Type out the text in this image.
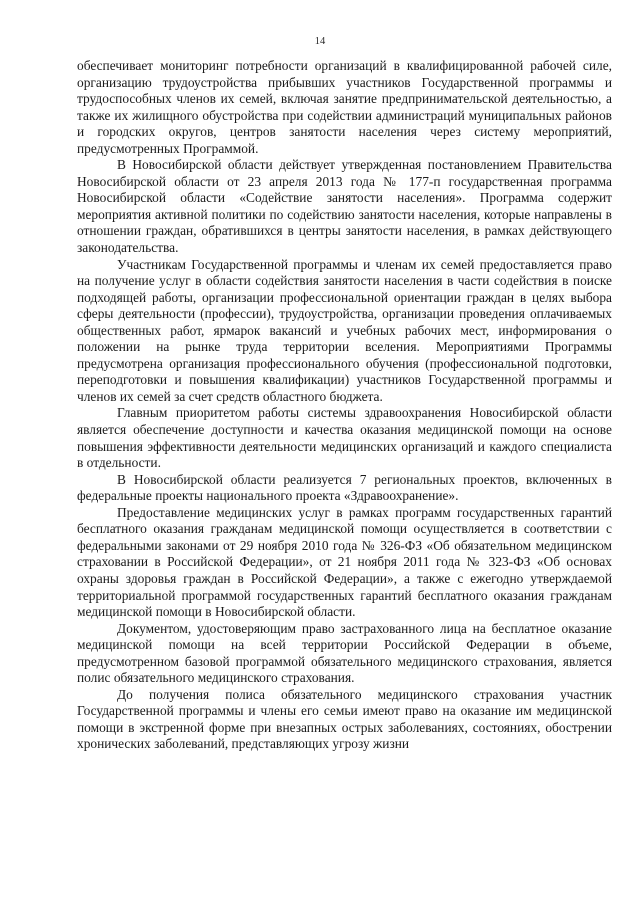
14

обеспечивает мониторинг потребности организаций в квалифицированной рабочей силе, организацию трудоустройства прибывших участников Государственной программы и трудоспособных членов их семей, включая занятие предпринимательской деятельностью, а также их жилищного обустройства при содействии администраций муниципальных районов и городских округов, центров занятости населения через систему мероприятий, предусмотренных Программой.

В Новосибирской области действует утвержденная постановлением Правительства Новосибирской области от 23 апреля 2013 года № 177-п государственная программа Новосибирской области «Содействие занятости населения». Программа содержит мероприятия активной политики по содействию занятости населения, которые направлены в отношении граждан, обратившихся в центры занятости населения, в рамках действующего законодательства.

Участникам Государственной программы и членам их семей предоставляется право на получение услуг в области содействия занятости населения в части содействия в поиске подходящей работы, организации профессиональной ориентации граждан в целях выбора сферы деятельности (профессии), трудоустройства, организации проведения оплачиваемых общественных работ, ярмарок вакансий и учебных рабочих мест, информирования о положении на рынке труда территории вселения. Мероприятиями Программы предусмотрена организация профессионального обучения (профессиональной подготовки, переподготовки и повышения квалификации) участников Государственной программы и членов их семей за счет средств областного бюджета.

Главным приоритетом работы системы здравоохранения Новосибирской области является обеспечение доступности и качества оказания медицинской помощи на основе повышения эффективности деятельности медицинских организаций и каждого специалиста в отдельности.

В Новосибирской области реализуется 7 региональных проектов, включенных в федеральные проекты национального проекта «Здравоохранение».

Предоставление медицинских услуг в рамках программ государственных гарантий бесплатного оказания гражданам медицинской помощи осуществляется в соответствии с федеральными законами от 29 ноября 2010 года № 326-ФЗ «Об обязательном медицинском страховании в Российской Федерации», от 21 ноября 2011 года № 323-ФЗ «Об основах охраны здоровья граждан в Российской Федерации», а также с ежегодно утверждаемой территориальной программой государственных гарантий бесплатного оказания гражданам медицинской помощи в Новосибирской области.

Документом, удостоверяющим право застрахованного лица на бесплатное оказание медицинской помощи на всей территории Российской Федерации в объеме, предусмотренном базовой программой обязательного медицинского страхования, является полис обязательного медицинского страхования.

До получения полиса обязательного медицинского страхования участник Государственной программы и члены его семьи имеют право на оказание им медицинской помощи в экстренной форме при внезапных острых заболеваниях, состояниях, обострении хронических заболеваний, представляющих угрозу жизни
